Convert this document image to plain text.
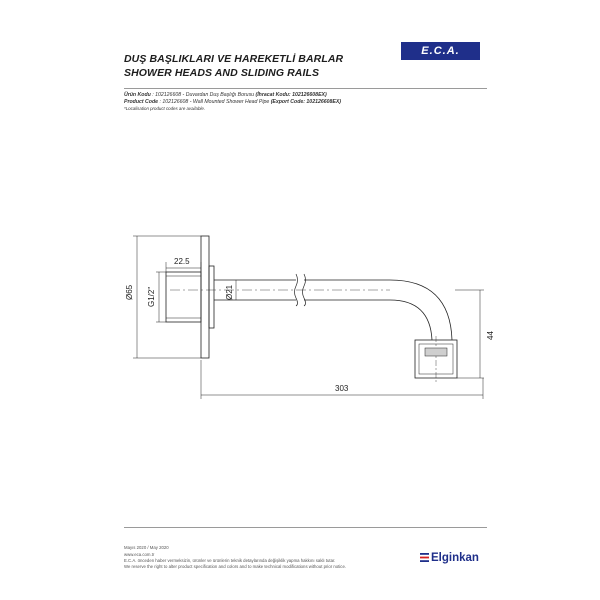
DUŞ BAŞLIKLARI VE HAREKETLİ BARLAR
SHOWER HEADS AND SLIDING RAILS
E.C.A.
Ürün Kodu : 102126608 - Duvardan Duş Başlığı Borusu (İhracat Kodu: 102126608EX)
Product Code : 102126608 - Wall Mounted Shower Head Pipe (Export Code: 102126608EX)
*Localisation product codes are available.
22.5
Ø65 G1/2"	Ø21
303
44
Mayıs 2020 / May 2020
www.eca.com.tr
E.C.A. önceden haber vermeksizin, ürünler ve ürünlerin teknik detaylarında değişiklik yapma hakkını saklı tutar.
We reserve the right to alter product specification and colors and to make technical modifications without prior notice.
Elginkan
